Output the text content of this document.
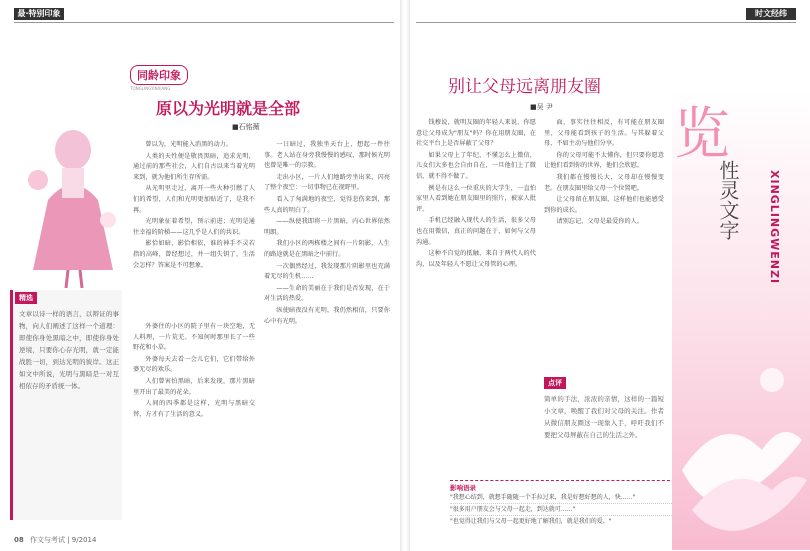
最·特别印象
同龄印象
TONGLINGYINXIANG
原以为光明就是全部
■石铭薇

曾以为，光明能入消黑的动力。

人类的天性便是敬畏黑暗，追求光明，通过前的那些社会，人们自古以来当着光明来到，就为他们所生存所需。

从光明里走过，离开一些火种引燃了人们的希望，人们和光明更加贴近了，是我不再。

光明象征着希望，预示前进；光明是通往幸福的阶梯——这几乎是人们的共识。

影恰如暗，影恰相依，谁的神手不灵若指的高峰，曾经想过，并一组失钥了，生活会怎样？答案是不可想象。

一日暗过，我独坐天台上，想起一件往事。老人站在身旁我慢慢的感叹，那时候光明也曾是唯一的宗教。

走出小区，一片人们地路旁坐出来，闪亮了整个夜空：一切事物已在视野里。

看入了匆满地的夜空，觉得悲伤来到，那些人真的明白了。

——纵使我即将一片黑暗，内心世界依然明朗。

我们小区的两栋楼之间有一片阴影，人生的路途就是在黑暗之中前行。

一次偶然经过，我发现那片阴影里也充满着无尽的生机……

——生命的美丽在于我们是否发现，在于对生活的热爱。

纵使暗夜没有光明，我仍然相信，只要你心中有光明。

外婆住的小区的院子里有一块空地，无人料理，一片荒芜。不知何时那里长了一些野花和小草。

外婆每天去看一会儿它们，它们带给外婆无尽的欢乐。

人们曾害怕黑暗，后来发现，那片黑暗里开出了最美的花朵。

人间的四季都是这样，光明与黑暗交替，方才有了生活的意义。

精选
文章以诗一样的语言，以辩证的事物，向人们阐述了这样一个道理：即使你身处黑暗之中，即使你身处逆境，只要你心存光明，就一定能战胜一切，到达光明的彼岸。这正如文中所说，光明与黑暗是一对互相依存的矛盾统一体。
08 作文与考试 | 9/2014
时文经纬
别让父母远离朋友圈
■吴 尹

钱穆说，就明友圈的年轻人来说，你愿意让父母成为"朋友"吗？你在用朋友圈，在社交平台上是否屏蔽了父母？

如果父母上了年纪，不懂怎么上微信，儿女们大多也会自由自在，一旦他们上了微信，就不得不做了。

例是有这么一位重庆的大学生，一直怕家里人看到她在朋友圈里的照片，被家人批评。

手机已经融入现代人的生活，很多父母也在用微信，真正的问题在于，如何与父母沟通。

这种不自觉的抵触，来自于两代人的代沟，以及年轻人不愿让父母管的心理。

面，事实往往相反，有可能在朋友圈里，父母能看到孩子的生活。与其躲着父母，不如主动与他们分享。

你的父母可能不太懂你，但只要你愿意让他们看到你的世界，他们会欣慰。

我们都在慢慢长大，父母却在慢慢变老。在朋友圈里给父母一个位置吧。

让父母留在朋友圈，这样他们也能感受到你的成长。

请别忘记，父母是最爱你的人。

点评
简单的手法，浓浓的亲情，这样的一篇短小文章，唤醒了我们对父母的关注。作者从微信朋友圈这一现象入手，呼吁我们不要把父母屏蔽在自己的生活之外。
影响语录
"我想心结到，就想手随随一个手拉过来，我是好想好想的人，快……"
"很多用户朋友会与父母一起走，到达就可……"
"也觉得让我们与父母一起更好地了解我们，就是我们的爱。"
览
性灵文字	XINGLINGWENZI
